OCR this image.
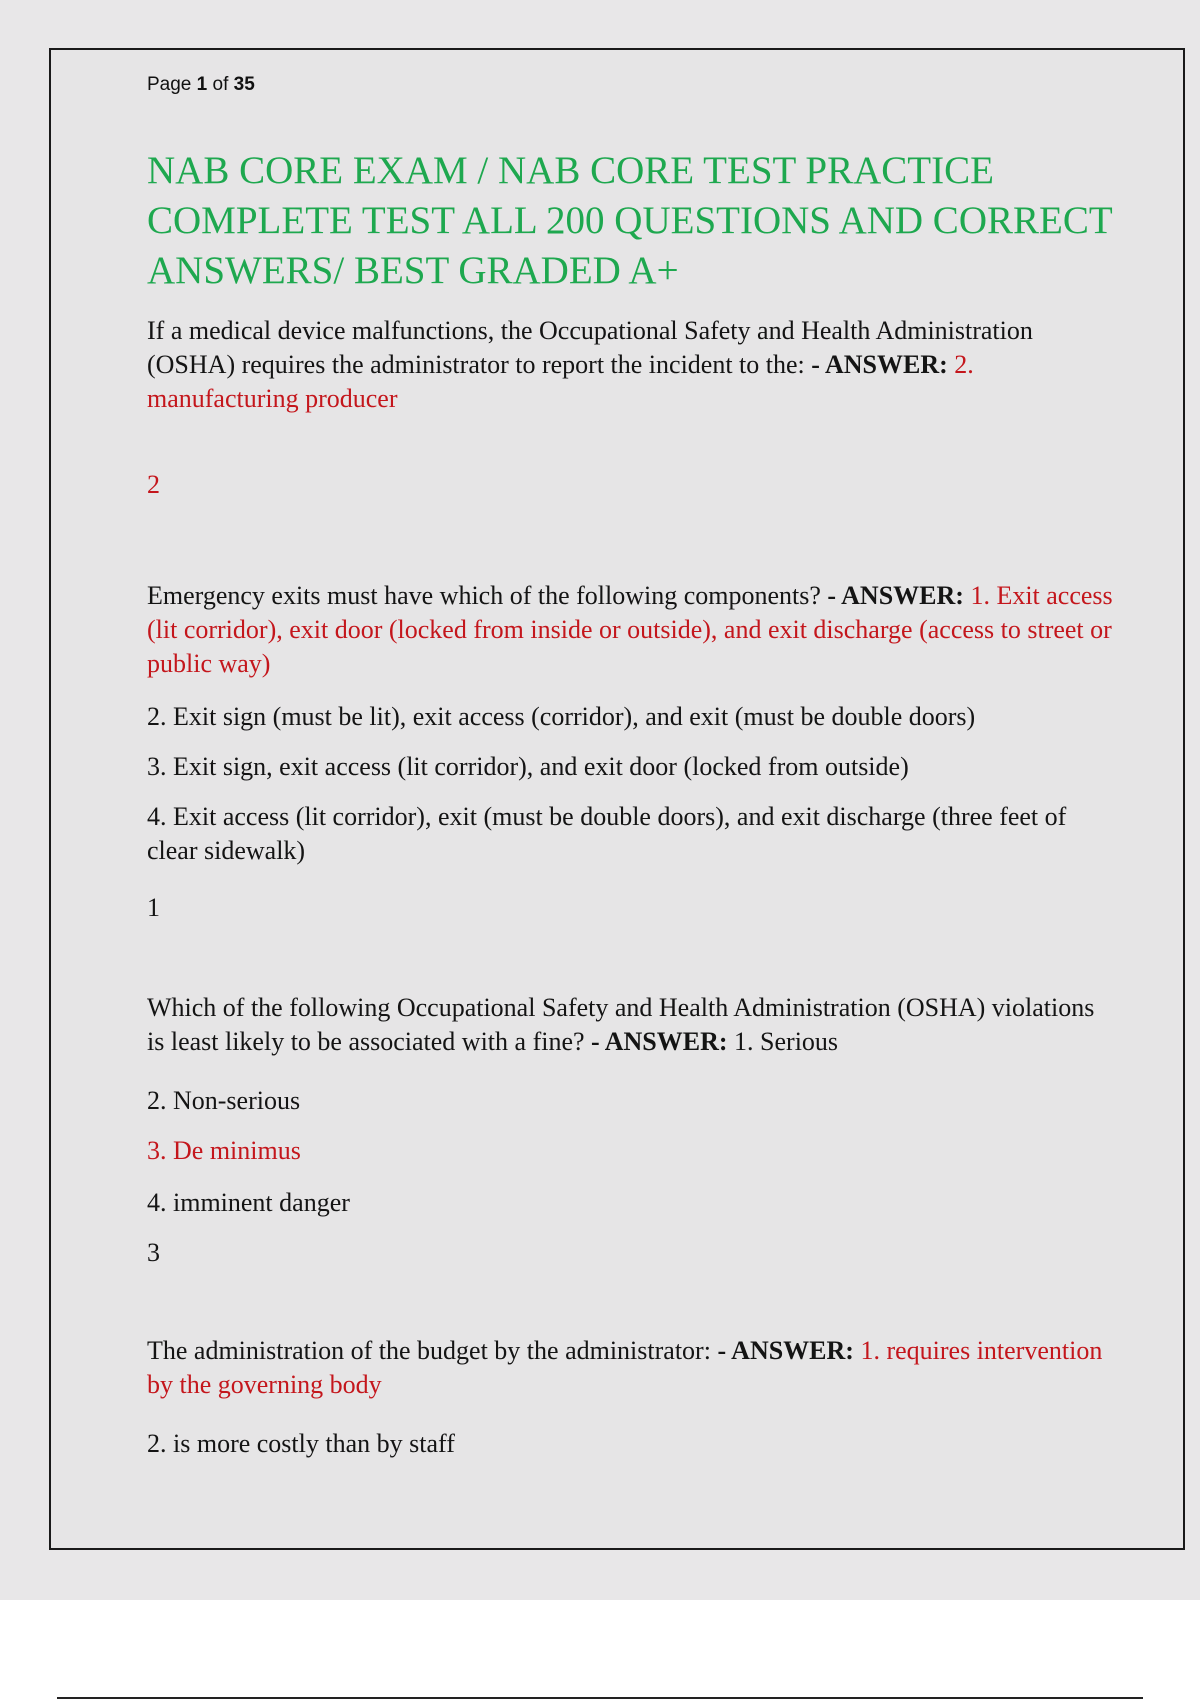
Page 1 of 35
NAB CORE EXAM / NAB CORE TEST PRACTICE COMPLETE TEST ALL 200 QUESTIONS AND CORRECT ANSWERS/ BEST GRADED A+

If a medical device malfunctions, the Occupational Safety and Health Administration (OSHA) requires the administrator to report the incident to the: - ANSWER: 2. manufacturing producer

2

Emergency exits must have which of the following components? - ANSWER: 1. Exit access (lit corridor), exit door (locked from inside or outside), and exit discharge (access to street or public way)

2. Exit sign (must be lit), exit access (corridor), and exit (must be double doors)

3. Exit sign, exit access (lit corridor), and exit door (locked from outside)

4. Exit access (lit corridor), exit (must be double doors), and exit discharge (three feet of clear sidewalk)

1

Which of the following Occupational Safety and Health Administration (OSHA) violations is least likely to be associated with a fine? - ANSWER: 1. Serious

2. Non-serious

3. De minimus

4. imminent danger

3

The administration of the budget by the administrator: - ANSWER: 1. requires intervention by the governing body

2. is more costly than by staff
